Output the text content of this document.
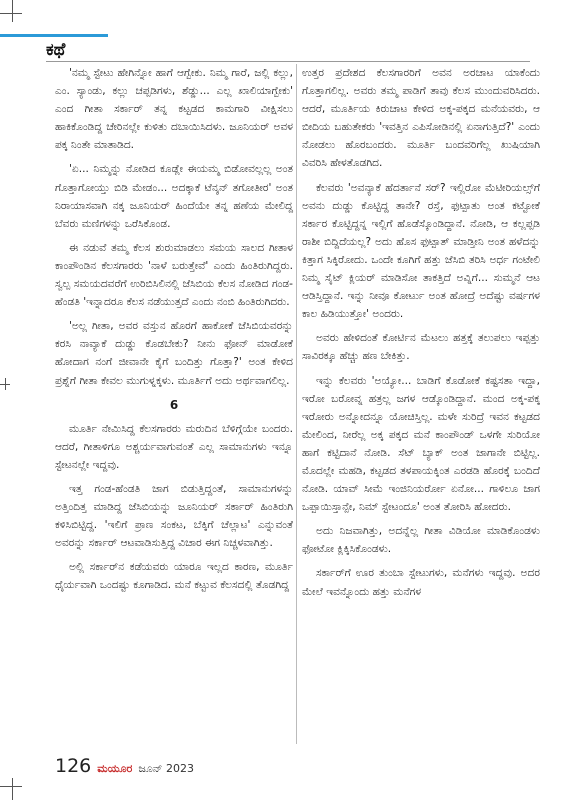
ಕಥೆ

'ನಮ್ಮ ಸ್ಟೇಟು ಹೇಗಿನ್ನೋ ಹಾಗೆ ಆಗ್ಬೇಕು. ನಿಮ್ಮ ಗಾರೆ, ಜಲ್ಲಿ ಕಲ್ಲು, ಎಂ. ಸ್ಯಾಂಡು, ಕಲ್ಲು ಚಪ್ಪಡಿಗಳು, ಶೆಡ್ಡು... ಎಲ್ಲ ಖಾಲಿಯಾಗ್ಬೇಕು' ಎಂದ ಗೀತಾ ಸರ್ಕಾರ್ ತನ್ನ ಕಟ್ಟಡದ ಕಾಮಗಾರಿ ವೀಕ್ಷಿಸಲು ಹಾಕಿಕೊಂಡಿದ್ದ ಚೇರಿನಲ್ಲೇ ಕುಳಿತು ದಬಾಯಿಸಿದಳು. ಜೂನಿಯರ್ ಅವಳ ಪಕ್ಕ ನಿಂತೇ ಮಾತಾಡಿದ.

'ಏ... ನಿಮ್ಮನ್ನು ನೋಡಿದ ಕೂಡ್ಲೇ ಈಯಮ್ಮ ಬಿಡೋವಲ್ಲಲ್ಲ ಅಂತ ಗೊತ್ತಾಗೋಯ್ತು ಬಿಡಿ ಮೇಡಂ... ಅದಕ್ಕಾಕೆ ಟೆನ್ಶನ್ ತಗೋತೀರ' ಅಂತ ನಿರಾಯಾಸವಾಗಿ ನಕ್ಕ ಜೂನಿಯರ್ ಹಿಂದೆಯೇ ತನ್ನ ಹಣೆಯ ಮೇಲಿದ್ದ ಬೆವರು ಮಣಿಗಳನ್ನು ಒರೆಸಿಕೊಂಡ.

ಈ ನಡುವೆ ತಮ್ಮ ಕೆಲಸ ಶುರುಮಾಡಲು ಸಮಯ ಸಾಲದ ಗೀತಾಳ ಕಾಂಪೌಂಡಿನ ಕೆಲಸಗಾರರು 'ನಾಳೆ ಬರುತ್ತೇವೆ' ಎಂದು ಹಿಂತಿರುಗಿದ್ದರು. ಸ್ವಲ್ಪ ಸಮಯದವರೆಗೆ ಉರಿಬಿಸಿಲಿನಲ್ಲಿ ಜೆಸಿಬಿಯ ಕೆಲಸ ನೋಡಿದ ಗಂಡ-ಹೆಂಡತಿ 'ಇನ್ನಾದರೂ ಕೆಲಸ ನಡೆಯುತ್ತದೆ ಎಂದು ನಂಬಿ ಹಿಂತಿರುಗಿದರು.

'ಅಲ್ಲ ಗೀತಾ, ಅವರ ವಸ್ತುನ ಹೊರಗೆ ಹಾಕೋಕೆ ಜೆಸಿಬಿಯವರನ್ನು ಕರಸಿ ನಾವ್ಯಾಕೆ ದುಡ್ಡು ಕೊಡಬೇಕು? ನೀನು ಫೋನ್ ಮಾಡೋಕೆ ಹೋದಾಗ ನಂಗೆ ಜೀವಾನೇ ಕೈಗೆ ಬಂದಿತ್ತು ಗೊತ್ತಾ?' ಅಂತ ಕೇಳಿದ ಪ್ರಶ್ನೆಗೆ ಗೀತಾ ಕೇವಲ ಮುಗುಳ್ನಕ್ಕಳು. ಮೂರ್ತಿಗೆ ಅದು ಅರ್ಥವಾಗಲಿಲ್ಲ.

6

ಮೂರ್ತಿ ನೇಮಿಸಿದ್ದ ಕೆಲಸಗಾರರು ಮರುದಿನ ಬೆಳಿಗ್ಗೆಯೇ ಬಂದರು. ಆದರೆ, ಗೀತಾಳಿಗೂ ಅಶ್ಚರ್ಯವಾಗುವಂತೆ ಎಲ್ಲ ಸಾಮಾನುಗಳು ಇನ್ನೂ ಸ್ಟೇಟನಲ್ಲೇ ಇದ್ದವು.

ಇತ್ತ ಗಂಡ-ಹೆಂಡತಿ ಜಾಗ ಬಿಡುತ್ತಿದ್ದಂತೆ, ಸಾಮಾನುಗಳನ್ನು ಅತ್ತಿಂದಿತ್ತ ಮಾಡಿದ್ದ ಜೆಸಿಬಿಯನ್ನು ಜೂನಿಯರ್ ಸರ್ಕಾರ್ ಹಿಂತಿರುಗಿ ಕಳಿಸಿಬಿಟ್ಟಿದ್ದ. 'ಇಲಿಗೆ ಪ್ರಾಣ ಸಂಕಟ, ಬೆಕ್ಕಿಗೆ ಚೆಲ್ಲಾಟ' ಎನ್ನುವಂತೆ ಅವರನ್ನು ಸರ್ಕಾರ್ ಆಟವಾಡಿಸುತ್ತಿದ್ದ ವಿಚಾರ ಈಗ ನಿಚ್ಚಳವಾಗಿತ್ತು.

ಅಲ್ಲಿ ಸರ್ಕಾರ್‌ನ ಕಡೆಯವರು ಯಾರೂ ಇಲ್ಲದ ಕಾರಣ, ಮೂರ್ತಿ ಧೈರ್ಯವಾಗಿ ಒಂದಷ್ಟು ಕೂಗಾಡಿದ. ಮನೆ ಕಟ್ಟುವ ಕೆಲಸದಲ್ಲಿ ತೊಡಗಿದ್ದ

ಉತ್ತರ ಪ್ರದೇಶದ ಕೆಲಸಗಾರರಿಗೆ ಅವನ ಅರಚಾಟ ಯಾಕೆಂದು ಗೊತ್ತಾಗಲಿಲ್ಲ. ಅವರು ತಮ್ಮ ಪಾಡಿಗೆ ತಾವು ಕೆಲಸ ಮುಂದುವರಿಸಿದರು. ಆದರೆ, ಮೂರ್ತಿಯ ಕಿರುಚಾಟ ಕೇಳಿದ ಅಕ್ಕ-ಪಕ್ಕದ ಮನೆಯವರು, ಆ ಬೀದಿಯ ಬಹುತೇಕರು 'ಇವತ್ತಿನ ಎಪಿಸೋಡಿನಲ್ಲಿ ಏನಾಗುತ್ತಿದೆ?' ಎಂದು ನೋಡಲು ಹೊರಬಂದರು. ಮೂರ್ತಿ ಬಂದವರಿಗೆಲ್ಲ ಖುಷಿಯಾಗಿ ವಿವರಿಸಿ ಹೇಳತೊಡಗಿದ.

ಕೆಲವರು 'ಅವನ್ಯಾಕೆ ಹೆದರ್ತಾನೆ ಸರ್? ಇಲ್ಲಿರೋ ಮೆಟೀರಿಯಲ್ಸ್‌ಗೆ ಅವನು ದುಡ್ಡು ಕೊಟ್ಟಿದ್ದ ತಾನೇ? ರಸ್ತೆ, ಫುಟ್ಪಾತು ಅಂತ ಕಟ್ಟೋಕೆ ಸರ್ಕಾರ ಕೊಟ್ಟಿದ್ದನ್ನ ಇಲ್ಲಿಗೆ ಹೊಡೆಸ್ಕೊಂಡಿದ್ದಾನೆ. ನೋಡಿ, ಆ ಕಲ್ಲಪ್ಪಡಿ ರಾಶೀ ಬಿದ್ದಿದೆಯಲ್ಲ? ಅದು ಹೊಸ ಫುಟ್ಪಾತ್ ಮಾಡ್ತೀನಿ ಅಂತ ಹಳೆದನ್ನು ಕಿತ್ತಾಗ ಸಿಕ್ಕಿರೋದು. ಒಂದೇ ಕೂಗಿಗೆ ಹತ್ತು ಜೆಸಿಬಿ ತರಿಸಿ ಅರ್ಧ ಗಂಟೇಲಿ ನಿಮ್ಮ ಸೈಟ್ ಕ್ಲಿಯರ್ ಮಾಡಿಸೋ ತಾಕತ್ತಿದೆ ಅವ್ನಿಗೆ... ಸುಮ್ಮನೆ ಆಟ ಆಡಿಸ್ತಿದ್ದಾನೆ. ಇನ್ನು ನೀವೂ ಕೋರ್ಟು ಅಂತ ಹೋದ್ರೆ ಅದೆಷ್ಟು ವರ್ಷಗಳ ಕಾಲ ಹಿಡಿಯುತ್ತೋ' ಅಂದರು.

ಅವರು ಹೇಳಿದಂತೆ ಕೋರ್ಟಿನ ಮೆಟಲು ಹತ್ತಕ್ಕೆ ತಲುಪಲು ಇಪ್ಪತ್ತು ಸಾವಿರಕ್ಕೂ ಹೆಚ್ಚು ಹಣ ಬೇಕಿತ್ತು.

ಇನ್ನು ಕೆಲವರು 'ಅಯ್ಯೋ... ಬಾಡಿಗೆ ಕೊಡೋಕೆ ಕಷ್ಟಸತಾ ಇದ್ದಾ, ಇರೋ ಬರೋವ್ನ ಹತ್ರಲ್ಲ ಜಗಳ ಆಡ್ಕೊಂಡಿದ್ದಾನೆ. ಮಂದ ಅಕ್ಕ-ಪಕ್ಕ ಇರೋರು ಅನ್ನೋದನ್ನೂ ಯೋಚಿಸ್ತಿಲ್ಲ. ಮಳೇ ಸುರಿದ್ರೆ ಇವನ ಕಟ್ಟಡದ ಮೇಲಿಂದ, ನೀರೆಲ್ಲ ಅಕ್ಕ ಪಕ್ಕದ ಮನೆ ಕಾಂಪೌಂಡ್ ಒಳಗೇ ಸುರಿಯೋ ಹಾಗೆ ಕಟ್ಟಿದಾನೆ ನೋಡಿ. ಸೆಟ್ ಬ್ಯಾಕ್ ಅಂತ ಜಾಗಾನೇ ಬಿಟ್ಟಿಲ್ಲ. ಮೊದಲ್ಲೇ ಮಹಡಿ, ಕಟ್ಟಡದ ತಳಪಾಯಕ್ಕಿಂತ ಎರಡಡಿ ಹೊರಕ್ಕೆ ಬಂದಿದೆ ನೋಡಿ. ಯಾವ್ ಸೀಮೆ ಇಂಜಿನಿಯರ್ರೋ ಏನೋ... ಗಾಳಿಲೂ ಜಾಗ ಒಪ್ಪಾಯಿಸ್ತಾನ್ಪೇ, ನಿಮ್ ಸ್ಟೇಟಂದೂ' ಅಂತ ತೋರಿಸಿ ಹೋದರು.

ಅದು ನಿಜವಾಗಿತ್ತು, ಅದನ್ನೆಲ್ಲ ಗೀತಾ ವಿಡಿಯೋ ಮಾಡಿಕೊಂಡಳು ಫೋಟೋ ಕ್ಲಿಕ್ಕಿಸಿಕೊಂಡಳು.

ಸರ್ಕಾರ್‌ಗೆ ಊರ ತುಂಬಾ ಸ್ಟೇಟುಗಳು, ಮನೆಗಳು ಇದ್ದವು. ಅದರ ಮೇಲೆ ಇವನ್ನೊಂದು ಹತ್ತು ಮನೆಗಳ

126 ಮಯೂರ ಜೂನ್ 2023
